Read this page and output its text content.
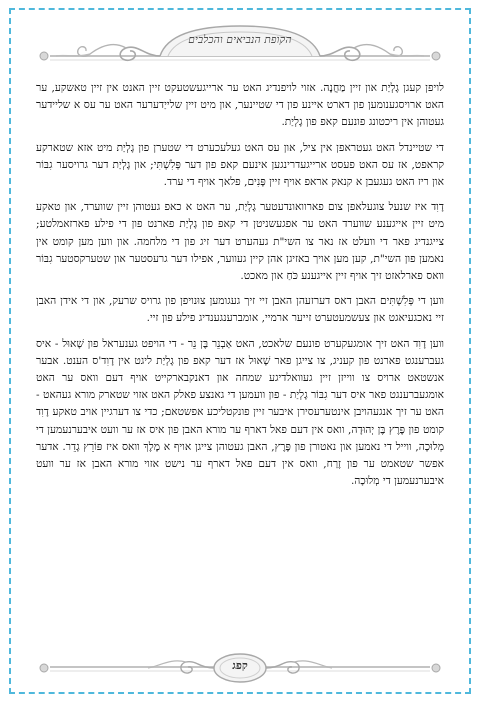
הקופת הנביאים והכלבים

לויפן קעגן גָלְיַת און זיין מַחֲנֶה. אזוי לויפנדיג האט ער ארייגעשטעקט זיין האנט אין זיין טאשקע, ער האט ארויסגענומען פון דארט איינע פון די שטיינער, און מיט זיין שלייַדערער האט ער עס א שליידער געטוהן אין ריכטונג פונעם קאפ פון גָלְיַת.

די שטיינדל האט געטראפן אין ציל, און עס האט געלעכערט די שטערן פון גָלְיַת מיט אזא שטארקע קראפט, אז עס האט פעסט ארייגעדרינגען אינעם קאפ פון דער פְּלִשְׁתִּי; און גָלְיַת דער גרויסער גִבּוֹר און ריז האט געגעבן א קנאק אראפ אויף זיין פָּנִים, פלאך אויף די ערד.

דָוִד איז שנעל צוגעלאפן צום פארוואונדעטער גָלְיַת, ער האט א כאפ געטוהן זיין שווערד, און טאקע מיט זיין אייגענע שווערד האט ער אפגעשניטן די קאפ פון גָלְיַת פארנט פון די פילע פארזאמלטע; צייגנדיג פאר די וועלט אז נאר צו השי"ת געהערט דער זיג פון די מלחמה. און ווען מען קומט אין נאמען פון השי"ת, קען מען אויך באזיגן אהן קיין געווער, אפילו דער גרעסטער און שטערקסטער גִבּוֹר וואס פארלאזט זיך אויף זיין אייגענע כֹּחַ און מאכט.

ווען די פְּלִשְׁתִּים האבן דאס דערזעהן האבן זיי זיך געגומען צוּנויפן פון גרויס שרעק, און די אידן האבן זיי נאכגעיאגט און צעשמעטערט זייער ארמיי, אומברענגענדיג פילע פון זיי.

ווען דָוִד האט זיך אומגעקערט פונעם שלאכט, האט אַבְנֵר בֶּן נֵר - די הויפט גענעראל פון שָׁאוּל - איס געברענגט פארנט פון קעניג, צו צייגן פאר שָׁאוּל אז דער קאפ פון גָלְיַת ליגט אין דָוִד'ס הענט. אבער אנשטאט ארויס צו ווייזן זיין געוואלדיגע שמחה און דאנקבארקייט אויף דעם וואס ער האט אומגעברענגט פאר איס דער גִבּוֹר גָלְיַת - פון וועמען די גאנצע פאלק האט אזוי שטארק מורא געהאט - האט ער זיך אנגעהויבן אינטערעסירן איבער זיין פונקטליכע אפשטאם; כדי צו דערגיין אויב טאקע דָוִד קומט פון פֶּרֶץ בֶּן יְהוּדָה, וואס אין דעם פאל דארף ער מורא האבן פון איס אז ער וועט איבערנעמען די מְלוּכָה, ווייל די נאמען און נאטורן פון פֶּרֶץ, האבן געטוהן צייגן אויף א מֶלֶךְ וואס איז פּוֹרֵץ גָדֵר. אדער אפשר שטאמט ער פון זֶרַח, וואס אין דעם פאל דארף ער נישט אזוי מורא האבן אז ער וועט איבערנעמען די מְלוּכָה.

קפג
